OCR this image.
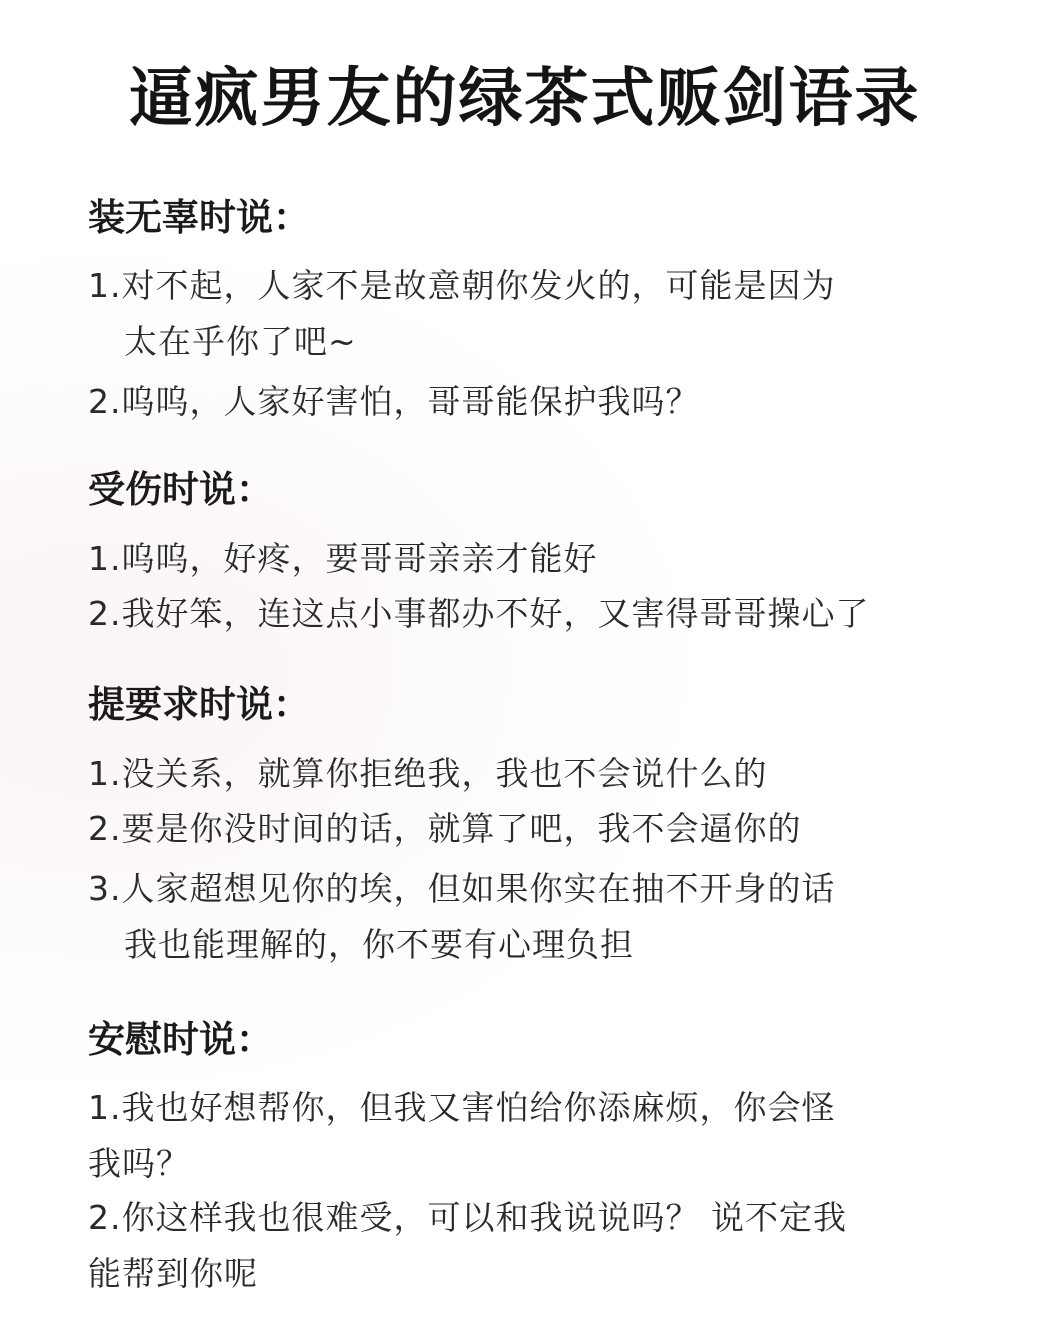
逼疯男友的绿茶式贩剑语录
装无辜时说：

1.对不起，人家不是故意朝你发火的，可能是因为
太在乎你了吧~

2.呜呜，人家好害怕，哥哥能保护我吗？

受伤时说：

1.呜呜，好疼，要哥哥亲亲才能好

2.我好笨，连这点小事都办不好，又害得哥哥操心了

提要求时说：

1.没关系，就算你拒绝我，我也不会说什么的

2.要是你没时间的话，就算了吧，我不会逼你的

3.人家超想见你的埃，但如果你实在抽不开身的话
我也能理解的，你不要有心理负担

安慰时说：

1.我也好想帮你，但我又害怕给你添麻烦，你会怪
我吗？

2.你这样我也很难受，可以和我说说吗？ 说不定我
能帮到你呢
